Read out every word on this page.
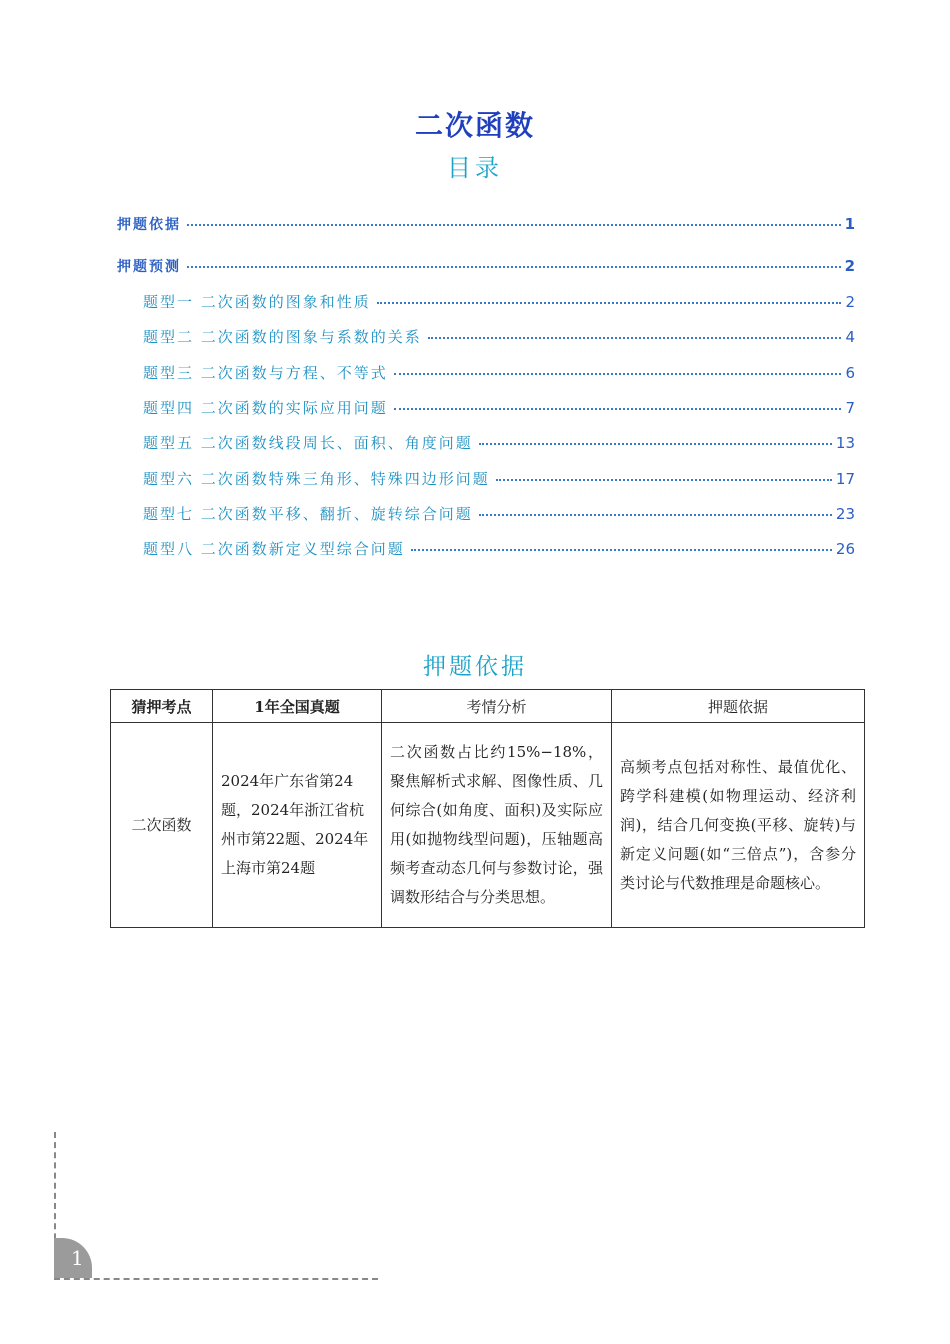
二次函数
目录
押题依据	1
押题预测	2
题型一 二次函数的图象和性质	2
题型二 二次函数的图象与系数的关系	4
题型三 二次函数与方程、不等式	6
题型四 二次函数的实际应用问题	7
题型五 二次函数线段周长、面积、角度问题	13
题型六 二次函数特殊三角形、特殊四边形问题	17
题型七 二次函数平移、翻折、旋转综合问题	23
题型八 二次函数新定义型综合问题	26
押题依据
猜押考点	1年全国真题	考情分析	押题依据
二次函数	2024年广东省第24题，2024年浙江省杭州市第22题、2024年上海市第24题	二次函数占比约15%−18%，聚焦解析式求解、图像性质、几何综合(如角度、面积)及实际应用(如抛物线型问题)，压轴题高频考查动态几何与参数讨论，强调数形结合与分类思想。	高频考点包括对称性、最值优化、跨学科建模(如物理运动、经济利润)，结合几何变换(平移、旋转)与新定义问题(如“三倍点”)，含参分类讨论与代数推理是命题核心。
1
